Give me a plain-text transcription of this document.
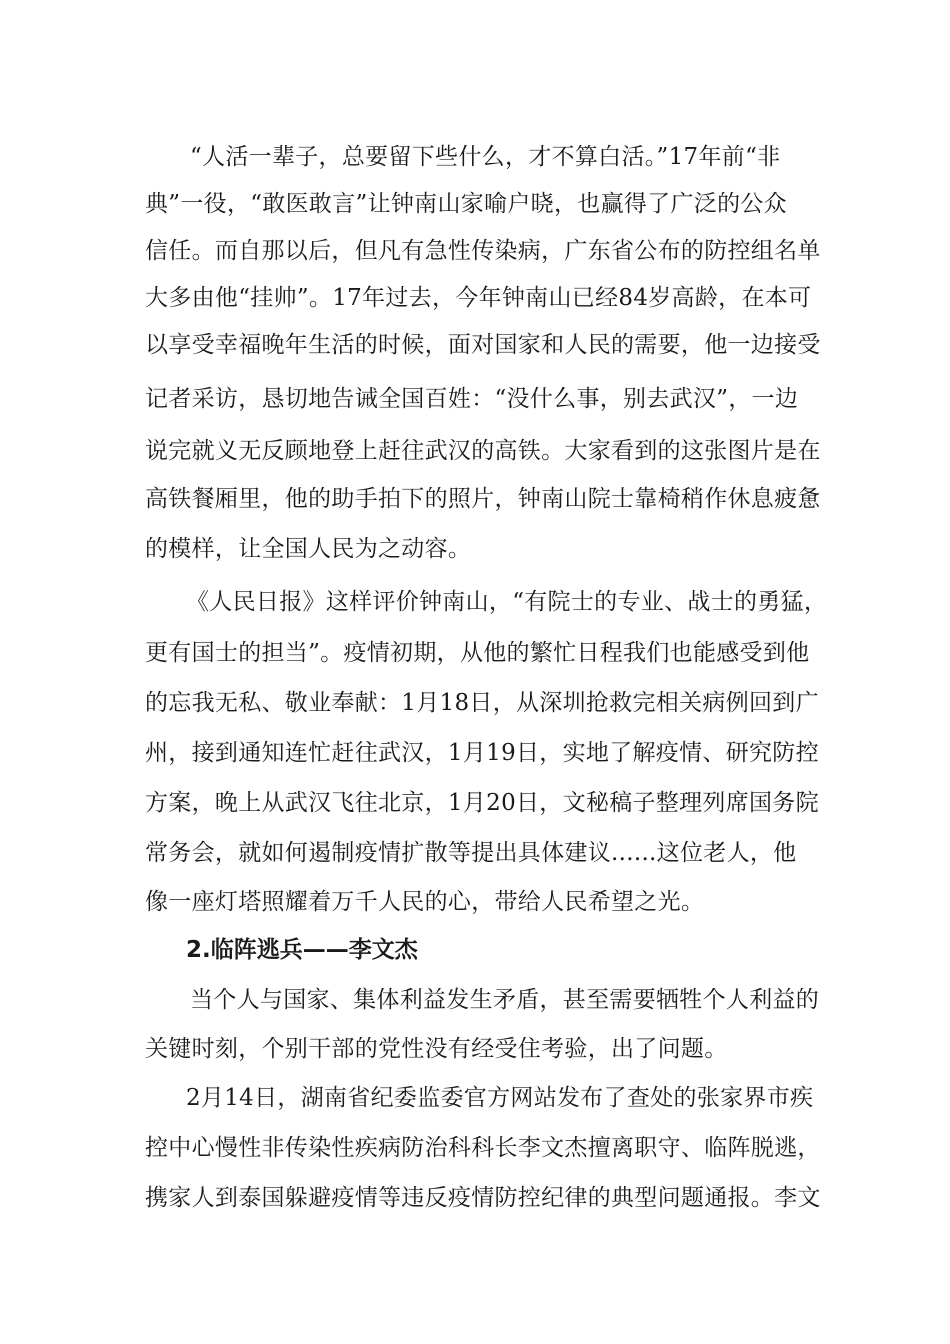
“人活一辈子，总要留下些什么，才不算白活。”17年前“非
典”一役，“敢医敢言”让钟南山家喻户晓，也赢得了广泛的公众
信任。而自那以后，但凡有急性传染病，广东省公布的防控组名单
大多由他“挂帅”。17年过去，今年钟南山已经84岁高龄，在本可
以享受幸福晚年生活的时候，面对国家和人民的需要，他一边接受
记者采访，恳切地告诫全国百姓：“没什么事，别去武汉”，一边
说完就义无反顾地登上赶往武汉的高铁。大家看到的这张图片是在
高铁餐厢里，他的助手拍下的照片，钟南山院士靠椅稍作休息疲惫
的模样，让全国人民为之动容。
《人民日报》这样评价钟南山，“有院士的专业、战士的勇猛，
更有国士的担当”。疫情初期，从他的繁忙日程我们也能感受到他
的忘我无私、敬业奉献：1月18日，从深圳抢救完相关病例回到广
州，接到通知连忙赶往武汉，1月19日，实地了解疫情、研究防控
方案，晚上从武汉飞往北京，1月20日，文秘稿子整理列席国务院
常务会，就如何遏制疫情扩散等提出具体建议......这位老人，他
像一座灯塔照耀着万千人民的心，带给人民希望之光。
2.临阵逃兵——李文杰
当个人与国家、集体利益发生矛盾，甚至需要牺牲个人利益的
关键时刻，个别干部的党性没有经受住考验，出了问题。
2月14日，湖南省纪委监委官方网站发布了查处的张家界市疾
控中心慢性非传染性疾病防治科科长李文杰擅离职守、临阵脱逃，
携家人到泰国躲避疫情等违反疫情防控纪律的典型问题通报。李文
